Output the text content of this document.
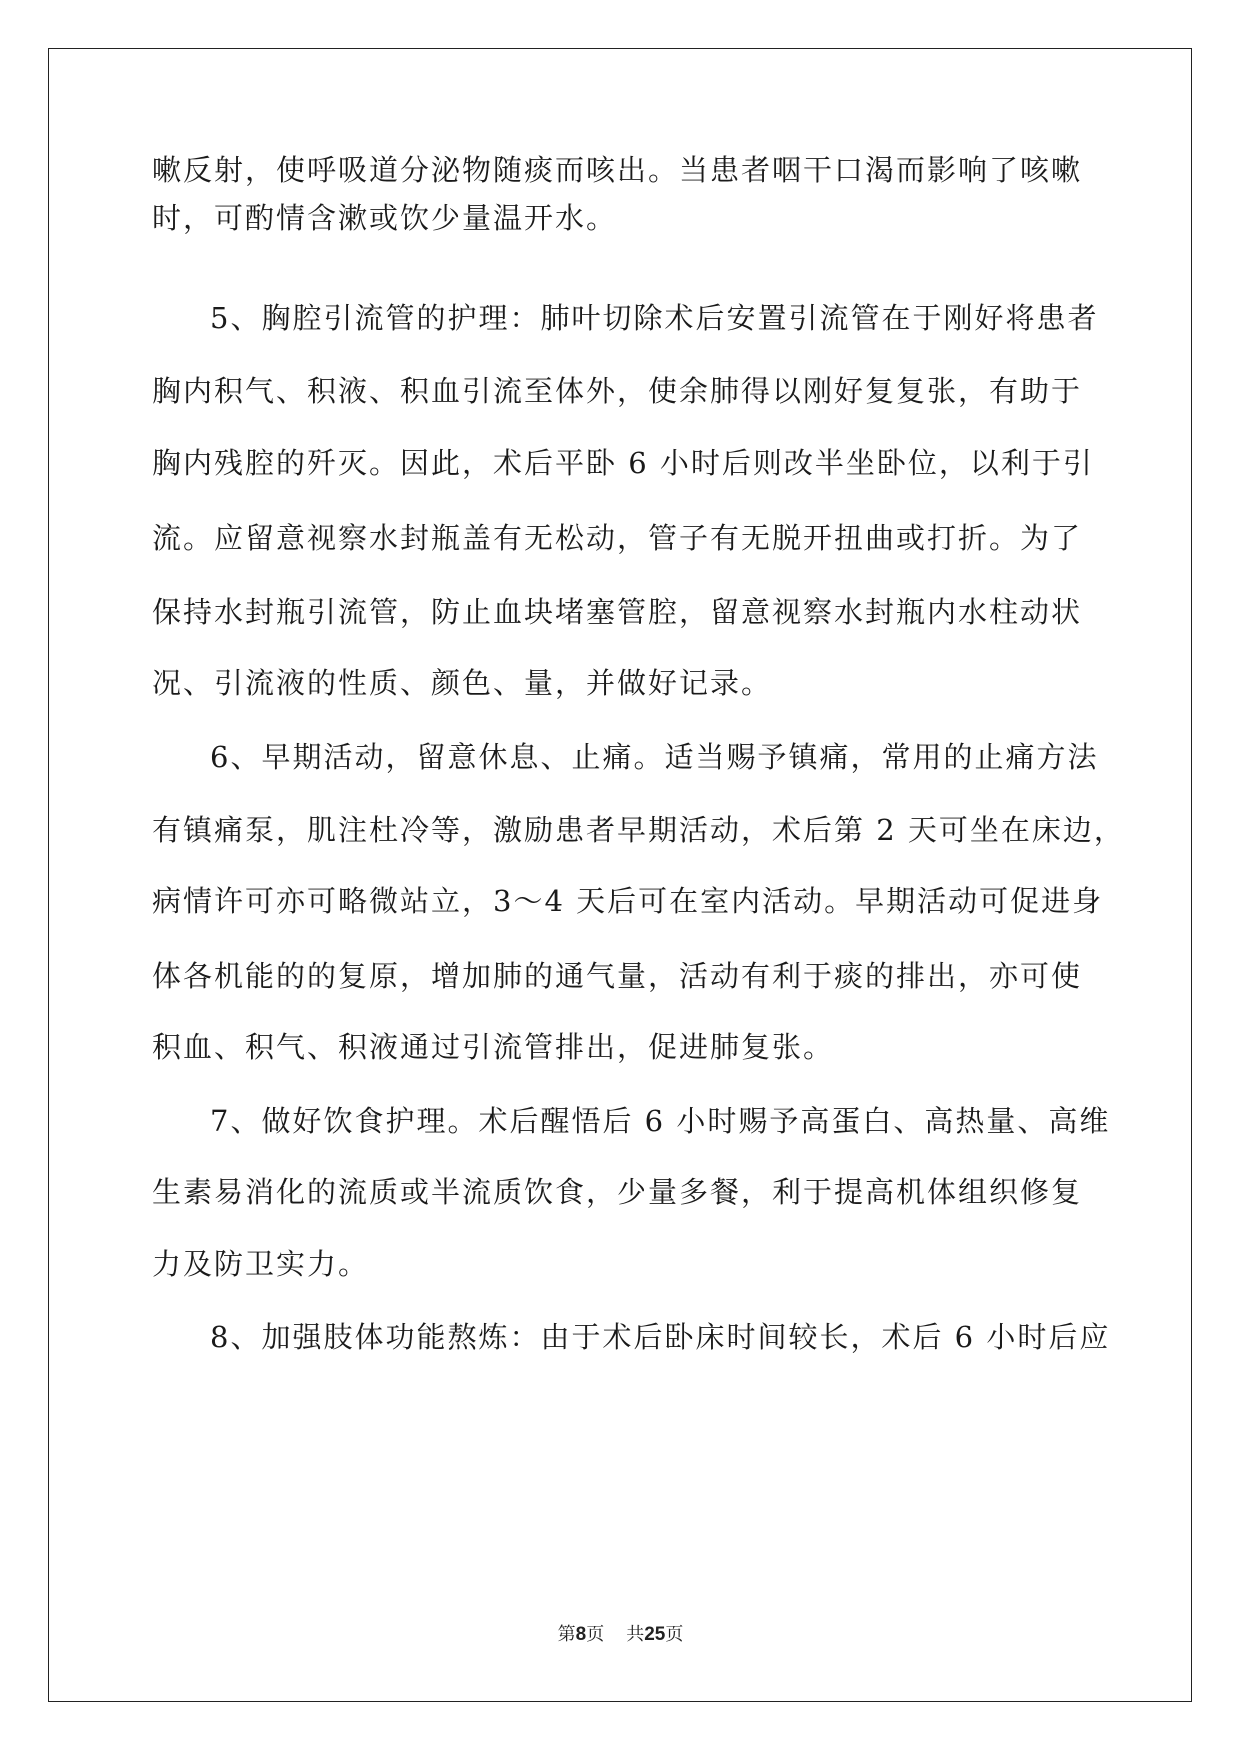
嗽反射，使呼吸道分泌物随痰而咳出。当患者咽干口渴而影响了咳嗽
时，可酌情含漱或饮少量温开水。
5、胸腔引流管的护理：肺叶切除术后安置引流管在于刚好将患者
胸内积气、积液、积血引流至体外，使余肺得以刚好复复张，有助于
胸内残腔的歼灭。因此，术后平卧 6 小时后则改半坐卧位，以利于引
流。应留意视察水封瓶盖有无松动，管子有无脱开扭曲或打折。为了
保持水封瓶引流管，防止血块堵塞管腔，留意视察水封瓶内水柱动状
况、引流液的性质、颜色、量，并做好记录。
6、早期活动，留意休息、止痛。适当赐予镇痛，常用的止痛方法
有镇痛泵，肌注杜冷等，激励患者早期活动，术后第 2 天可坐在床边，
病情许可亦可略微站立，3～4 天后可在室内活动。早期活动可促进身
体各机能的的复原，增加肺的通气量，活动有利于痰的排出，亦可使
积血、积气、积液通过引流管排出，促进肺复张。
7、做好饮食护理。术后醒悟后 6 小时赐予高蛋白、高热量、高维
生素易消化的流质或半流质饮食，少量多餐，利于提高机体组织修复
力及防卫实力。
8、加强肢体功能熬炼：由于术后卧床时间较长，术后 6 小时后应
第8页 共25页
